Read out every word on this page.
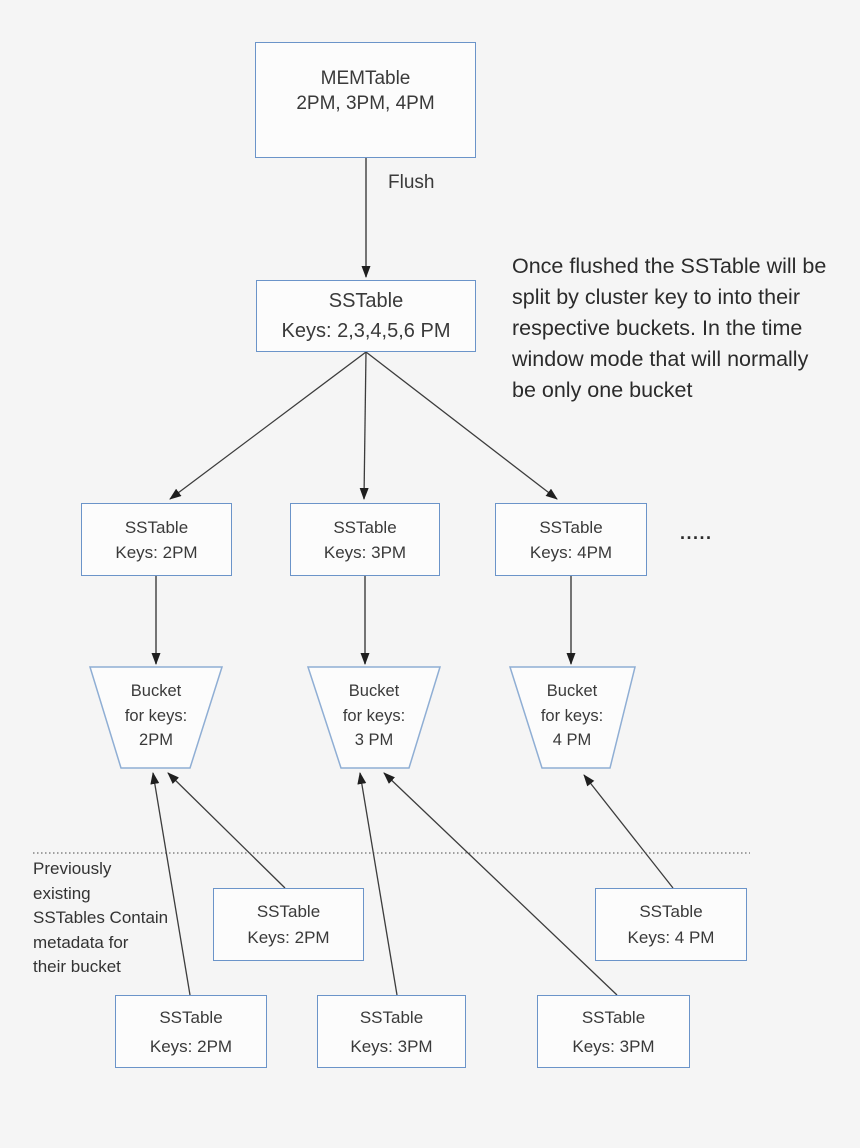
MEMTable
2PM, 3PM, 4PM
Flush
SSTable
Keys: 2,3,4,5,6 PM
Once flushed the SSTable will be
split by cluster key to into their
respective buckets. In the time
window mode that will normally
be only one bucket
SSTable
Keys: 2PM
SSTable
Keys: 3PM
SSTable
Keys: 4PM
.....
Bucket
for keys:
2PM
Bucket
for keys:
3 PM
Bucket
for keys:
4 PM
Previously
existing
SSTables Contain
metadata for
their bucket
SSTable
Keys: 2PM
SSTable
Keys: 4 PM
SSTable
Keys: 2PM
SSTable
Keys: 3PM
SSTable
Keys: 3PM
